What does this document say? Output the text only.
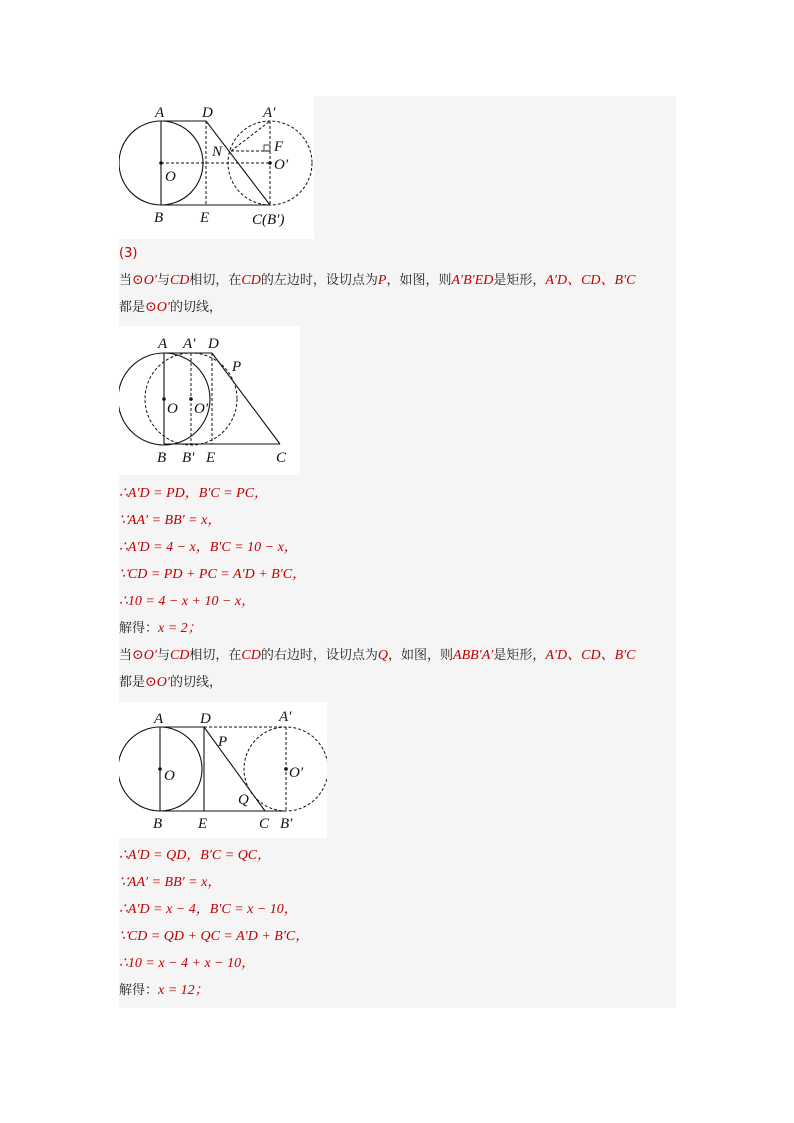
A	D	A′
N	F
O′
O
B E	C(B′)
(3)
当⊙O′与CD相切，在CD的左边时，设切点为P，如图，则A′B′ED是矩形，A′D、CD、B′C
都是⊙O′的切线，
A A′ D
P
O O′
B B′ E	C
∴A′D = PD，B′C = PC，
∵AA′ = BB′ = x，
∴A′D = 4 − x，B′C = 10 − x，
∵CD = PD + PC = A′D + B′C，
∴10 = 4 − x + 10 − x，
解得：x = 2；
当⊙O′与CD相切，在CD的右边时，设切点为Q，如图，则ABB′A′是矩形，A′D、CD、B′C
都是⊙O′的切线，
A D	A′
P
O	O′
Q
B E	C B′
∴A′D = QD，B′C = QC，
∵AA′ = BB′ = x，
∴A′D = x − 4，B′C = x − 10，
∵CD = QD + QC = A′D + B′C，
∴10 = x − 4 + x − 10，
解得：x = 12；
